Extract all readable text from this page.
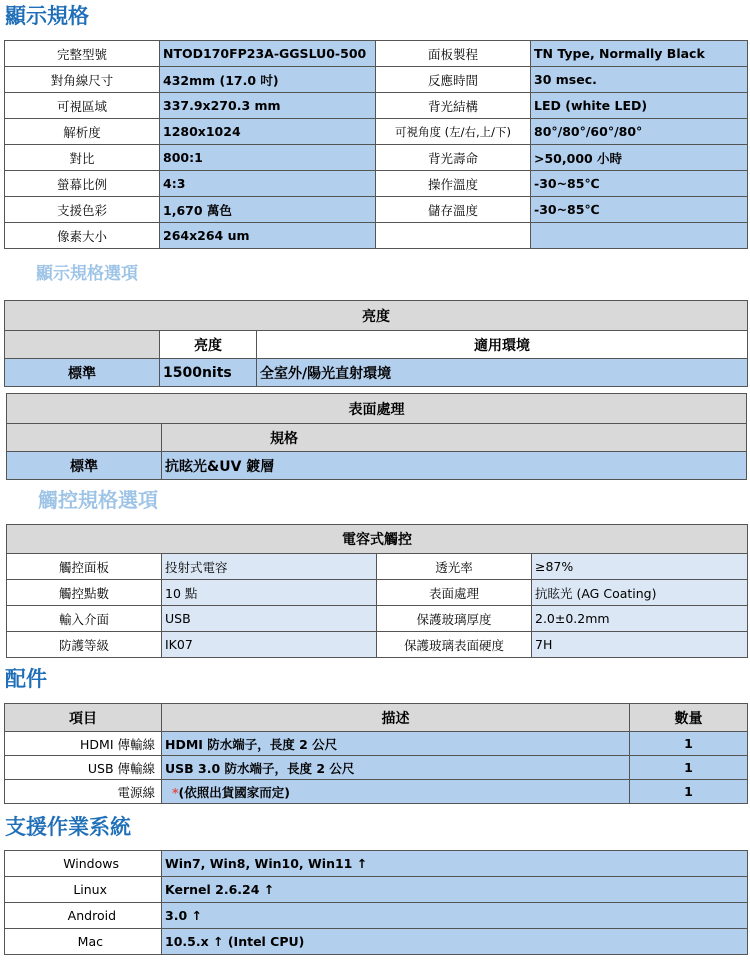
顯示規格
完整型號	NTOD170FP23A-GGSLU0-500	面板製程	TN Type, Normally Black
對角線尺寸	432mm (17.0 吋)	反應時間	30 msec.
可視區域	337.9x270.3 mm	背光結構	LED (white LED)
解析度	1280x1024	可視角度 (左/右,上/下)	80°/80°/60°/80°
對比	800:1	背光壽命	>50,000 小時
螢幕比例	4:3	操作溫度	-30~85℃
支援色彩	1,670 萬色	儲存溫度	-30~85℃
像素大小	264x264 um		
顯示規格選項
亮度		
	亮度	適用環境
標準	1500nits	全室外/陽光直射環境
表面處理	
	規格
標準	抗眩光&UV 鍍層
觸控規格選項
電容式觸控			
觸控面板	投射式電容	透光率	≥87%
觸控點數	10 點	表面處理	抗眩光 (AG Coating)
輸入介面	USB	保護玻璃厚度	2.0±0.2mm
防護等級	IK07	保護玻璃表面硬度	7H
配件
項目	描述	數量
HDMI 傳輸線	HDMI 防水端子，長度 2 公尺	1
USB 傳輸線	USB 3.0 防水端子，長度 2 公尺	1
電源線	*(依照出貨國家而定)	1
支援作業系統
Windows	Win7, Win8, Win10, Win11 ↑
Linux	Kernel 2.6.24 ↑
Android	3.0 ↑
Mac	10.5.x ↑ (Intel CPU)
